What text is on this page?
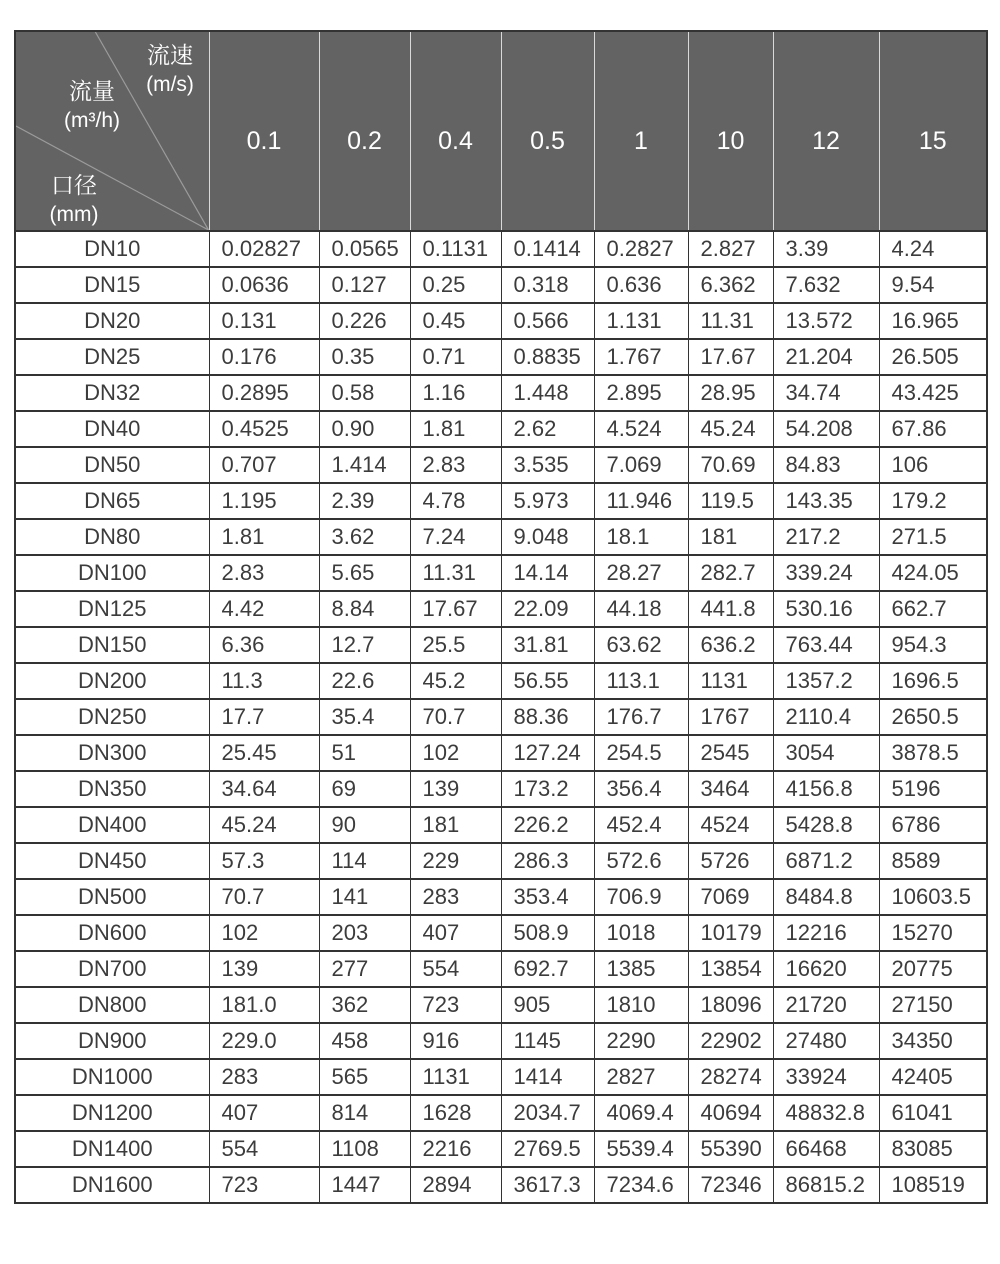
流速
(m/s)
流量
(m³/h)
口径
(mm)
	0.1	0.2	0.4	0.5	1	10	12	15
DN10	0.02827	0.0565	0.1131	0.1414	0.2827	2.827	3.39	4.24
DN15	0.0636	0.127	0.25	0.318	0.636	6.362	7.632	9.54
DN20	0.131	0.226	0.45	0.566	1.131	11.31	13.572	16.965
DN25	0.176	0.35	0.71	0.8835	1.767	17.67	21.204	26.505
DN32	0.2895	0.58	1.16	1.448	2.895	28.95	34.74	43.425
DN40	0.4525	0.90	1.81	2.62	4.524	45.24	54.208	67.86
DN50	0.707	1.414	2.83	3.535	7.069	70.69	84.83	106
DN65	1.195	2.39	4.78	5.973	11.946	119.5	143.35	179.2
DN80	1.81	3.62	7.24	9.048	18.1	181	217.2	271.5
DN100	2.83	5.65	11.31	14.14	28.27	282.7	339.24	424.05
DN125	4.42	8.84	17.67	22.09	44.18	441.8	530.16	662.7
DN150	6.36	12.7	25.5	31.81	63.62	636.2	763.44	954.3
DN200	11.3	22.6	45.2	56.55	113.1	1131	1357.2	1696.5
DN250	17.7	35.4	70.7	88.36	176.7	1767	2110.4	2650.5
DN300	25.45	51	102	127.24	254.5	2545	3054	3878.5
DN350	34.64	69	139	173.2	356.4	3464	4156.8	5196
DN400	45.24	90	181	226.2	452.4	4524	5428.8	6786
DN450	57.3	114	229	286.3	572.6	5726	6871.2	8589
DN500	70.7	141	283	353.4	706.9	7069	8484.8	10603.5
DN600	102	203	407	508.9	1018	10179	12216	15270
DN700	139	277	554	692.7	1385	13854	16620	20775
DN800	181.0	362	723	905	1810	18096	21720	27150
DN900	229.0	458	916	1145	2290	22902	27480	34350
DN1000	283	565	1131	1414	2827	28274	33924	42405
DN1200	407	814	1628	2034.7	4069.4	40694	48832.8	61041
DN1400	554	1108	2216	2769.5	5539.4	55390	66468	83085
DN1600	723	1447	2894	3617.3	7234.6	72346	86815.2	108519
